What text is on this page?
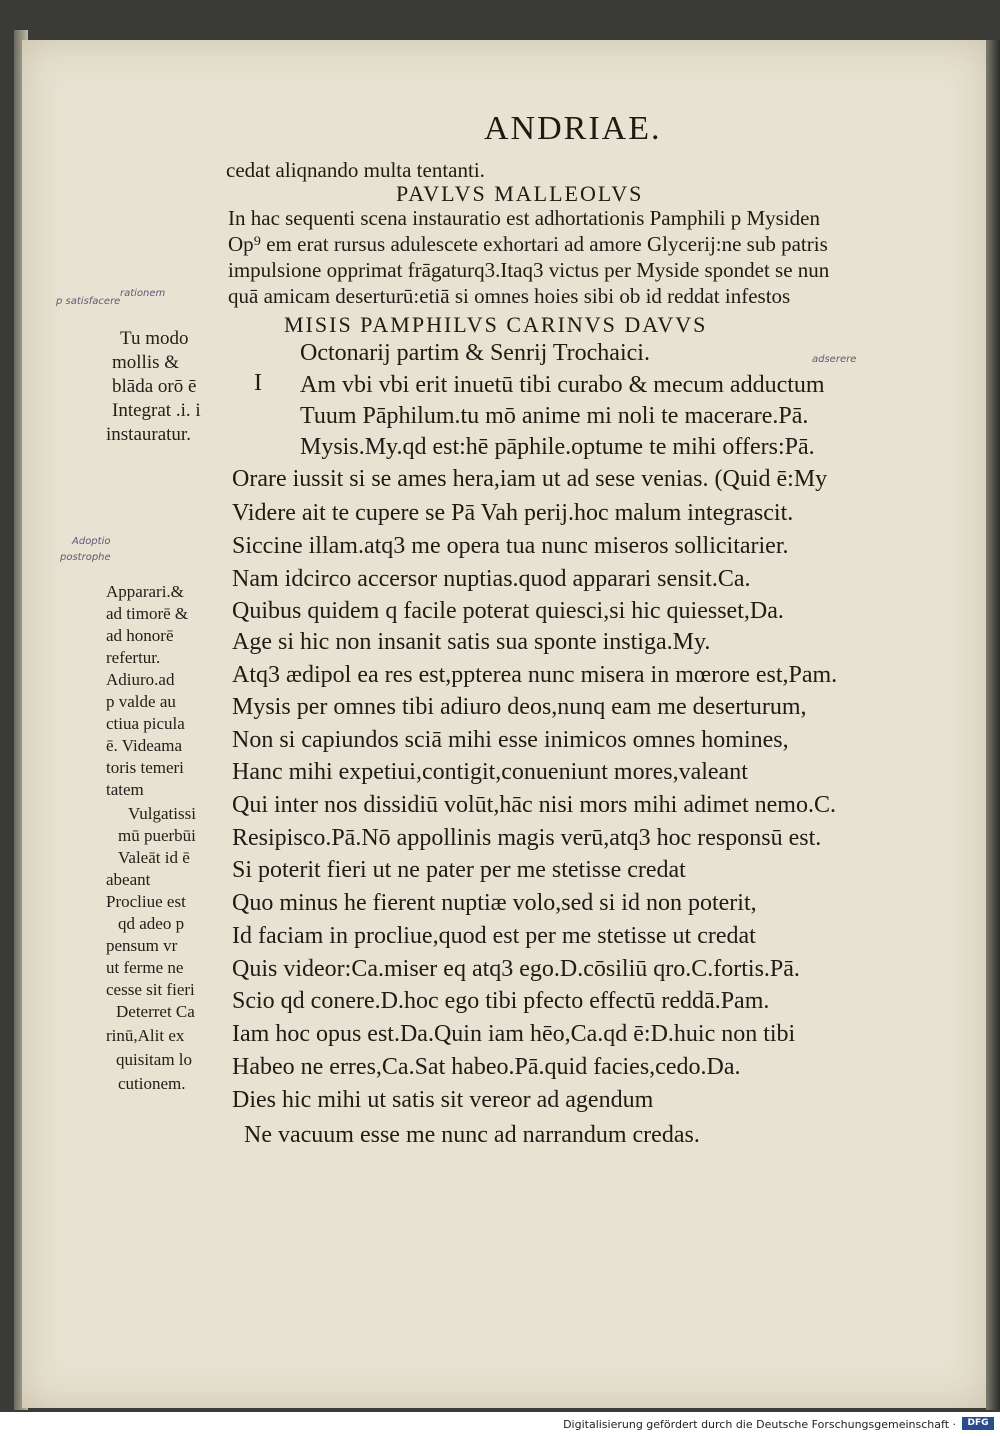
ANDRIAE.
cedat aliqnando multa tentanti.
PAVLVS MALLEOLVS
In hac sequenti scena instauratio est adhortationis Pamphili p Mysiden
Op⁹ em erat rursus adulescete exhortari ad amore Glycerij:ne sub patris
impulsione opprimat frāgaturq3.Itaq3 victus per Myside spondet se nun
quā amicam deserturū:etiā si omnes hoies sibi ob id reddat infestos
MISIS PAMPHILVS CARINVS DAVVS
Octonarij partim & Senrij Trochaici.
I Am vbi vbi erit inuetū tibi curabo & mecum adductum
Tuum Pāphilum.tu mō anime mi noli te macerare.Pā.
Mysis.My.qd est:hē pāphile.optume te mihi offers:Pā.
Orare iussit si se ames hera,iam ut ad sese venias. (Quid ē:My
Videre ait te cupere se Pā Vah perij.hoc malum integrascit.
Siccine illam.atq3 me opera tua nunc miseros sollicitarier.
Nam idcirco accersor nuptias.quod apparari sensit.Ca.
Quibus quidem q facile poterat quiesci,si hic quiesset,Da.
Age si hic non insanit satis sua sponte instiga.My.
Atq3 ædipol ea res est,ppterea nunc misera in mœrore est,Pam.
Mysis per omnes tibi adiuro deos,nunq eam me deserturum,
Non si capiundos sciā mihi esse inimicos omnes homines,
Hanc mihi expetiui,contigit,conueniunt mores,valeant
Qui inter nos dissidiū volūt,hāc nisi mors mihi adimet nemo.C.
Resipisco.Pā.Nō appollinis magis verū,atq3 hoc responsū est.
Si poterit fieri ut ne pater per me stetisse credat
Quo minus he fierent nuptiæ volo,sed si id non poterit,
Id faciam in procliue,quod est per me stetisse ut credat
Quis videor:Ca.miser eq atq3 ego.D.cōsiliū qro.C.fortis.Pā.
Scio qd conere.D.hoc ego tibi pfecto effectū reddā.Pam.
Iam hoc opus est.Da.Quin iam hēo,Ca.qd ē:D.huic non tibi
Habeo ne erres,Ca.Sat habeo.Pā.quid facies,cedo.Da.
Dies hic mihi ut satis sit vereor ad agendum
Ne vacuum esse me nunc ad narrandum credas.
Tu modo
mollis &
blāda orō ē
Integrat .i. i
instauratur.
Apparari.&
ad timorē &
ad honorē
refertur.
Adiuro.ad
p valde au
ctiua picula
ē. Videama
toris temeri
tatem
Vulgatissi
mū puerbūi
Valeāt id ē
abeant
Procliue est
qd adeo p
pensum vr
ut ferme ne
cesse sit fieri
Deterret Ca
rinū,Alit ex
quisitam lo
cutionem.
p satisfacere
rationem
adserere
Adoptio
postrophe
Digitalisierung gefördert durch die Deutsche Forschungsgemeinschaft ·	DFG
